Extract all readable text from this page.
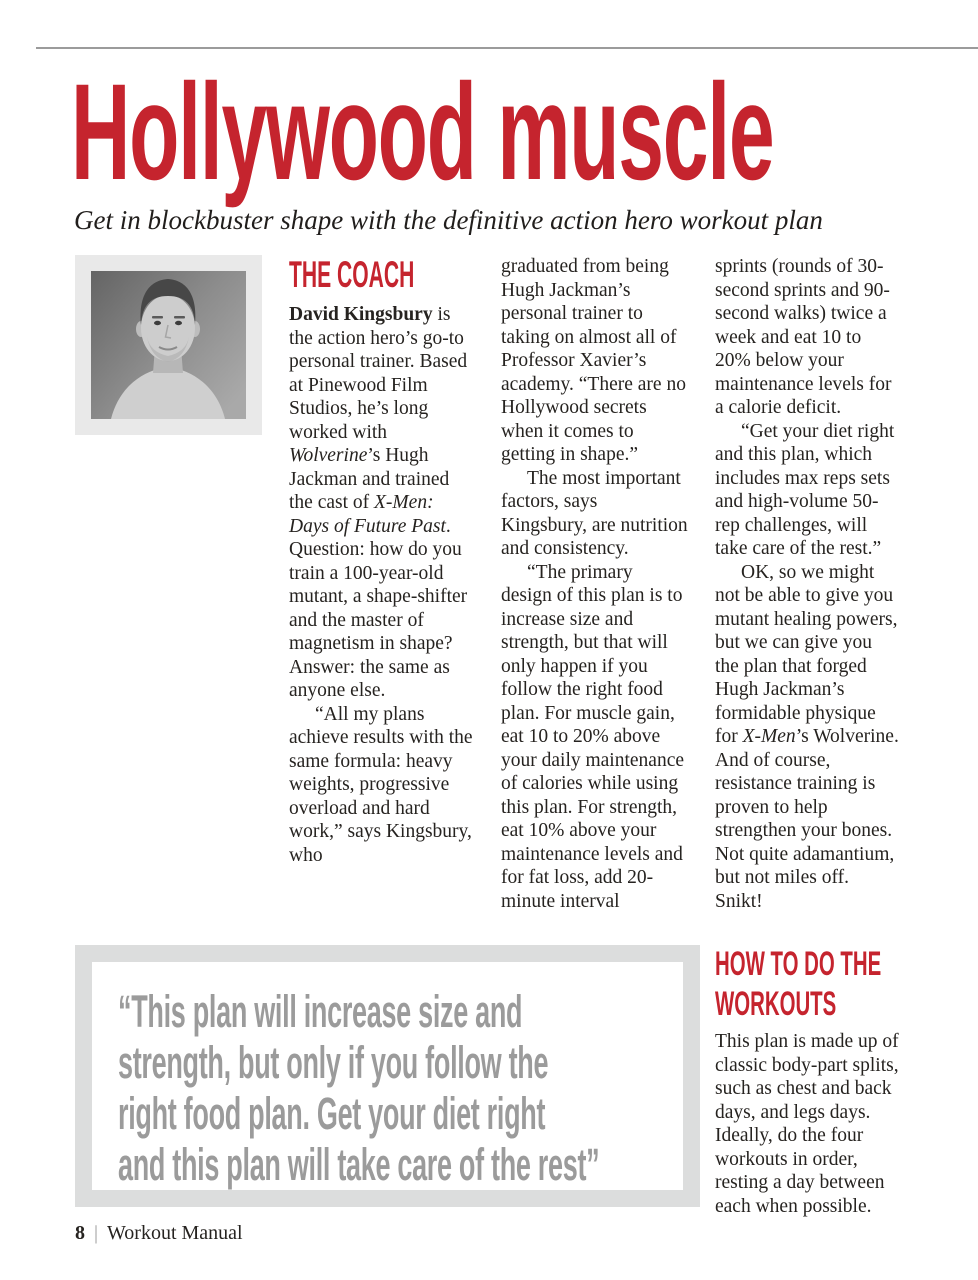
Hollywood muscle

Get in blockbuster shape with the definitive action hero workout plan

THE COACH

David Kingsbury is the action hero’s go-to personal trainer. Based at Pinewood Film Studios, he’s long worked with Wolverine’s Hugh Jackman and trained the cast of X-Men: Days of Future Past.

Question: how do you train a 100-year-old mutant, a shape-shifter and the master of magnetism in shape? Answer: the same as anyone else.

“All my plans achieve results with the same formula: heavy weights, progressive overload and hard work,” says Kingsbury, who

graduated from being Hugh Jackman’s personal trainer to taking on almost all of Professor Xavier’s academy. “There are no Hollywood secrets when it comes to getting in shape.”

The most important factors, says Kingsbury, are nutrition and consistency.

“The primary design of this plan is to increase size and strength, but that will only happen if you follow the right food plan. For muscle gain, eat 10 to 20% above your daily maintenance of calories while using this plan. For strength, eat 10% above your maintenance levels and for fat loss, add 20-minute interval

sprints (rounds of 30-second sprints and 90-second walks) twice a week and eat 10 to 20% below your maintenance levels for a calorie deficit.

“Get your diet right and this plan, which includes max reps sets and high-volume 50-rep challenges, will take care of the rest.”

OK, so we might not be able to give you mutant healing powers, but we can give you the plan that forged Hugh Jackman’s formidable physique for X-Men’s Wolverine. And of course, resistance training is proven to help strengthen your bones. Not quite adamantium, but not miles off. Snikt!

“This plan will increase size and
strength, but only if you follow the
right food plan. Get your diet right
and this plan will take care of the rest”
HOW TO DO THE
WORKOUTS

This plan is made up of classic body-part splits, such as chest and back days, and legs days. Ideally, do the four workouts in order, resting a day between each when possible.

8 | Workout Manual
